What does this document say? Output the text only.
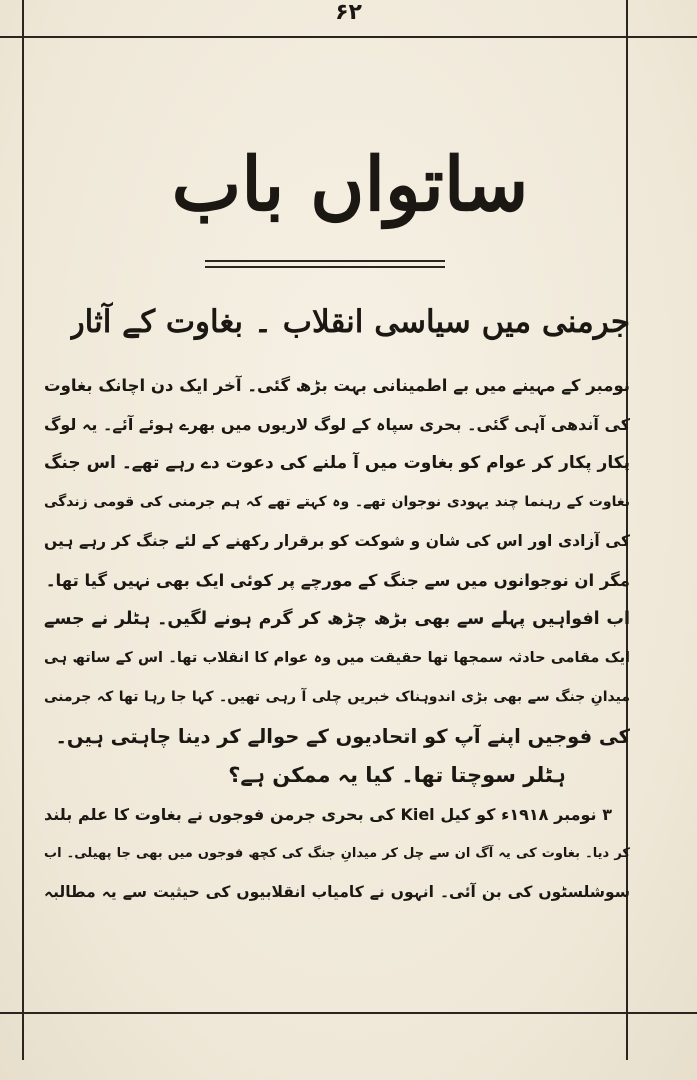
۶۲
ساتواں باب
جرمنی میں سیاسی انقلاب ۔ بغاوت کے آثار
نومبر کے مہینے میں بے اطمینانی بہت بڑھ گئی۔ آخر ایک دن اچانک بغاوت
کی آندھی آہی گئی۔ بحری سپاہ کے لوگ لاریوں میں بھرے ہوئے آئے۔ یہ لوگ
پکار پکار کر عوام کو بغاوت میں آ ملنے کی دعوت دے رہے تھے۔ اس جنگ
بغاوت کے رہنما چند یہودی نوجوان تھے۔ وہ کہتے تھے کہ ہم جرمنی کی قومی زندگی
کی آزادی اور اس کی شان و شوکت کو برقرار رکھنے کے لئے جنگ کر رہے ہیں
مگر ان نوجوانوں میں سے جنگ کے مورچے پر کوئی ایک بھی نہیں گیا تھا۔
اب افواہیں پہلے سے بھی بڑھ چڑھ کر گرم ہونے لگیں۔ ہٹلر نے جسے
ایک مقامی حادثہ سمجھا تھا حقیقت میں وہ عوام کا انقلاب تھا۔ اس کے ساتھ ہی
میدانِ جنگ سے بھی بڑی اندوہناک خبریں چلی آ رہی تھیں۔ کہا جا رہا تھا کہ جرمنی
کی فوجیں اپنے آپ کو اتحادیوں کے حوالے کر دینا چاہتی ہیں۔
ہٹلر سوچتا تھا۔ کیا یہ ممکن ہے؟
۳ نومبر ۱۹۱۸ء کو کیل Kiel کی بحری جرمن فوجوں نے بغاوت کا علم بلند
کر دیا۔ بغاوت کی یہ آگ ان سے چل کر میدانِ جنگ کی کچھ فوجوں میں بھی جا پھیلی۔ اب
سوشلسٹوں کی بن آئی۔ انہوں نے کامیاب انقلابیوں کی حیثیت سے یہ مطالبہ
